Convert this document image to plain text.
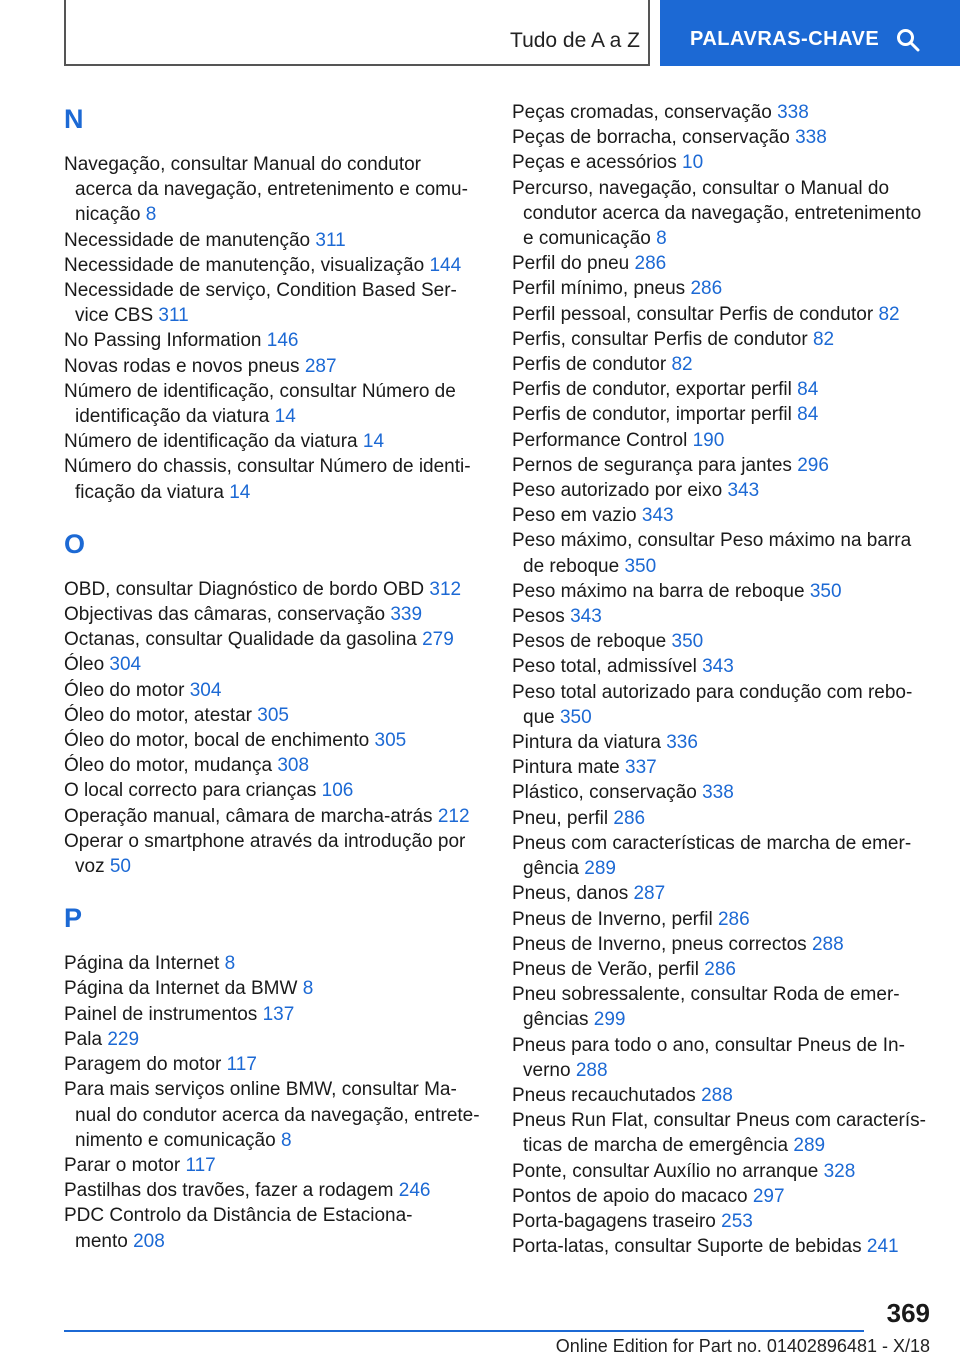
Tudo de A a Z	PALAVRAS-CHAVE
N
Navegação, consultar Manual do condutor
acerca da navegação, entretenimento e comu-
nicação 8
Necessidade de manutenção 311
Necessidade de manutenção, visualização 144
Necessidade de serviço, Condition Based Ser-
vice CBS 311
No Passing Information 146
Novas rodas e novos pneus 287
Número de identificação, consultar Número de
identificação da viatura 14
Número de identificação da viatura 14
Número do chassis, consultar Número de identi-
ficação da viatura 14
O
OBD, consultar Diagnóstico de bordo OBD 312
Objectivas das câmaras, conservação 339
Octanas, consultar Qualidade da gasolina 279
Óleo 304
Óleo do motor 304
Óleo do motor, atestar 305
Óleo do motor, bocal de enchimento 305
Óleo do motor, mudança 308
O local correcto para crianças 106
Operação manual, câmara de marcha-atrás 212
Operar o smartphone através da introdução por
voz 50
P
Página da Internet 8
Página da Internet da BMW 8
Painel de instrumentos 137
Pala 229
Paragem do motor 117
Para mais serviços online BMW, consultar Ma-
nual do condutor acerca da navegação, entrete-
nimento e comunicação 8
Parar o motor 117
Pastilhas dos travões, fazer a rodagem 246
PDC Controlo da Distância de Estaciona-
mento 208
Peças cromadas, conservação 338
Peças de borracha, conservação 338
Peças e acessórios 10
Percurso, navegação, consultar o Manual do
condutor acerca da navegação, entretenimento
e comunicação 8
Perfil do pneu 286
Perfil mínimo, pneus 286
Perfil pessoal, consultar Perfis de condutor 82
Perfis, consultar Perfis de condutor 82
Perfis de condutor 82
Perfis de condutor, exportar perfil 84
Perfis de condutor, importar perfil 84
Performance Control 190
Pernos de segurança para jantes 296
Peso autorizado por eixo 343
Peso em vazio 343
Peso máximo, consultar Peso máximo na barra
de reboque 350
Peso máximo na barra de reboque 350
Pesos 343
Pesos de reboque 350
Peso total, admissível 343
Peso total autorizado para condução com rebo-
que 350
Pintura da viatura 336
Pintura mate 337
Plástico, conservação 338
Pneu, perfil 286
Pneus com características de marcha de emer-
gência 289
Pneus, danos 287
Pneus de Inverno, perfil 286
Pneus de Inverno, pneus correctos 288
Pneus de Verão, perfil 286
Pneu sobressalente, consultar Roda de emer-
gências 299
Pneus para todo o ano, consultar Pneus de In-
verno 288
Pneus recauchutados 288
Pneus Run Flat, consultar Pneus com caracterís-
ticas de marcha de emergência 289
Ponte, consultar Auxílio no arranque 328
Pontos de apoio do macaco 297
Porta-bagagens traseiro 253
Porta-latas, consultar Suporte de bebidas 241
369
Online Edition for Part no. 01402896481 - X/18
